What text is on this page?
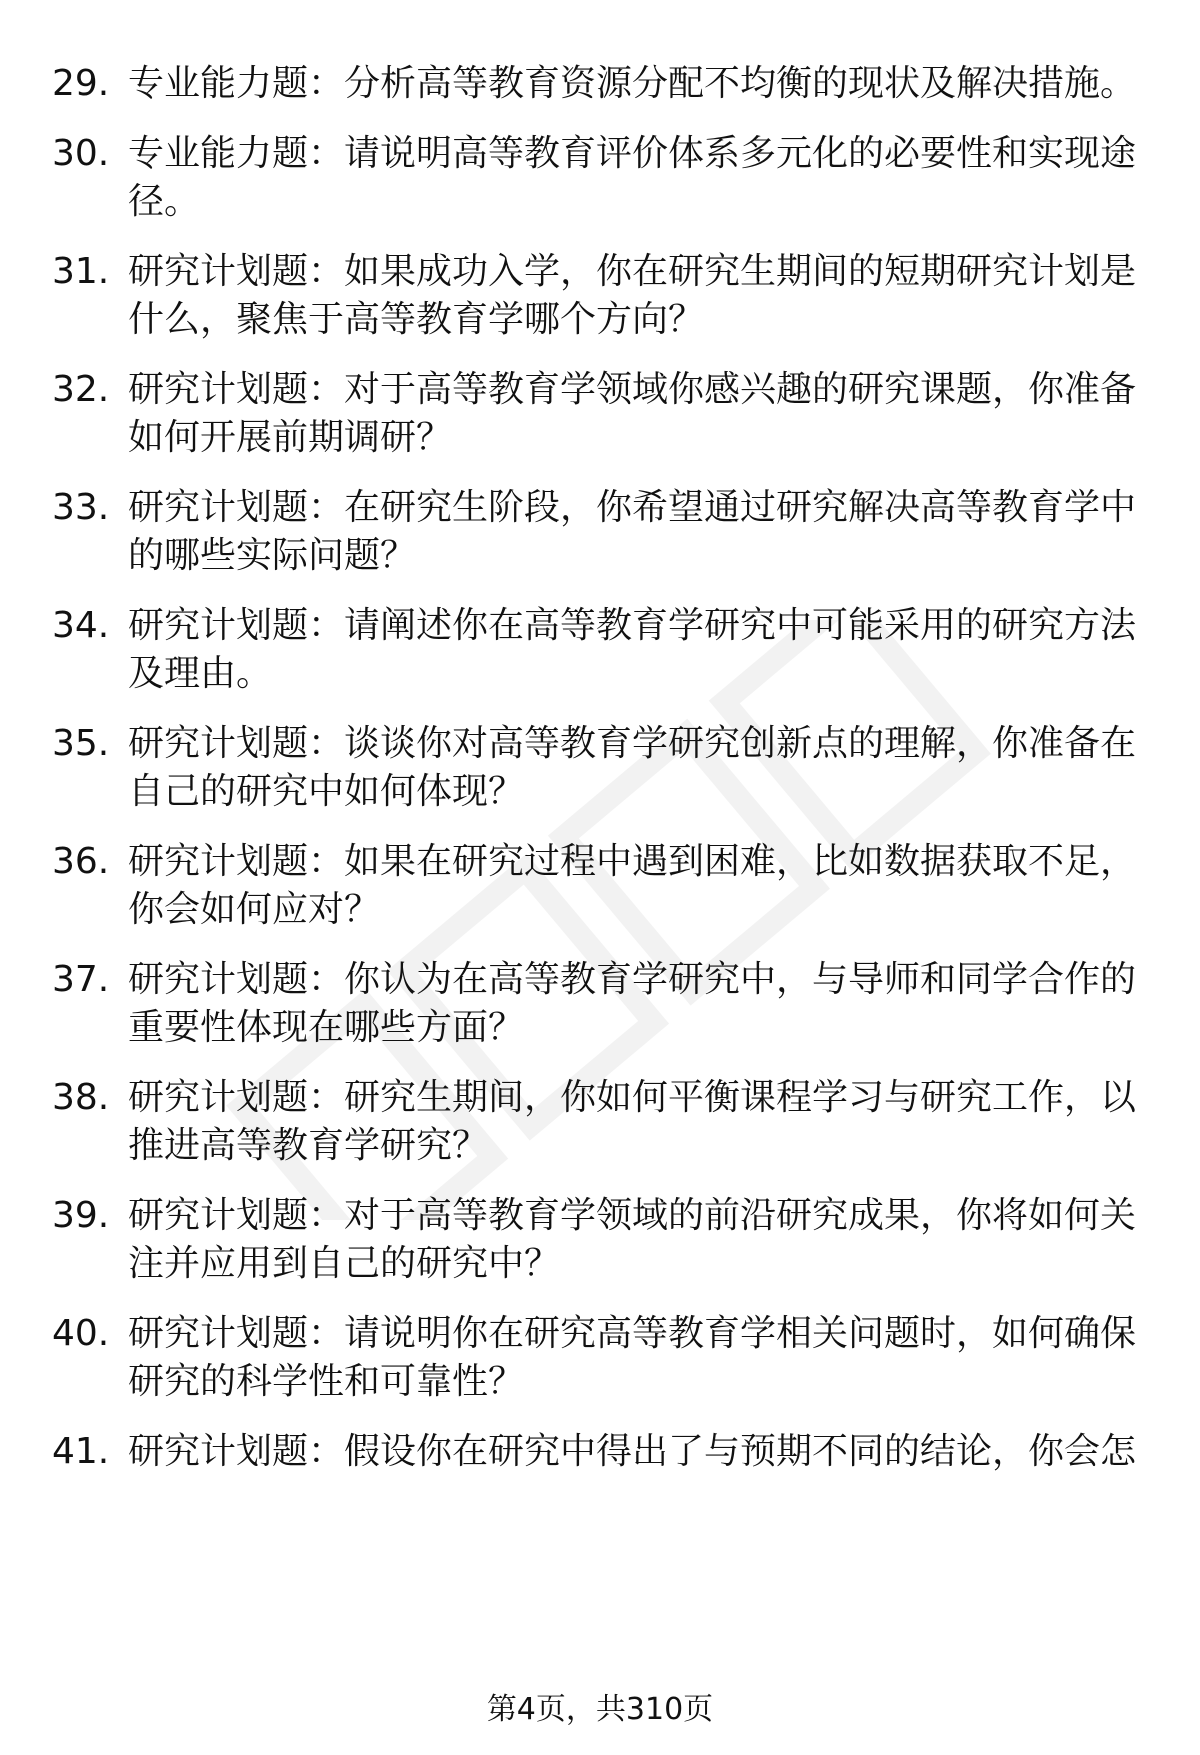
29. 专业能力题：分析高等教育资源分配不均衡的现状及解决措施。
30. 专业能力题：请说明高等教育评价体系多元化的必要性和实现途径。
31. 研究计划题：如果成功入学，你在研究生期间的短期研究计划是什么，聚焦于高等教育学哪个方向？
32. 研究计划题：对于高等教育学领域你感兴趣的研究课题，你准备如何开展前期调研？
33. 研究计划题：在研究生阶段，你希望通过研究解决高等教育学中的哪些实际问题？
34. 研究计划题：请阐述你在高等教育学研究中可能采用的研究方法及理由。
35. 研究计划题：谈谈你对高等教育学研究创新点的理解，你准备在自己的研究中如何体现？
36. 研究计划题：如果在研究过程中遇到困难，比如数据获取不足，你会如何应对？
37. 研究计划题：你认为在高等教育学研究中，与导师和同学合作的重要性体现在哪些方面？
38. 研究计划题：研究生期间，你如何平衡课程学习与研究工作，以推进高等教育学研究？
39. 研究计划题：对于高等教育学领域的前沿研究成果，你将如何关注并应用到自己的研究中？
40. 研究计划题：请说明你在研究高等教育学相关问题时，如何确保研究的科学性和可靠性？
41. 研究计划题：假设你在研究中得出了与预期不同的结论，你会怎
第4页，共310页
